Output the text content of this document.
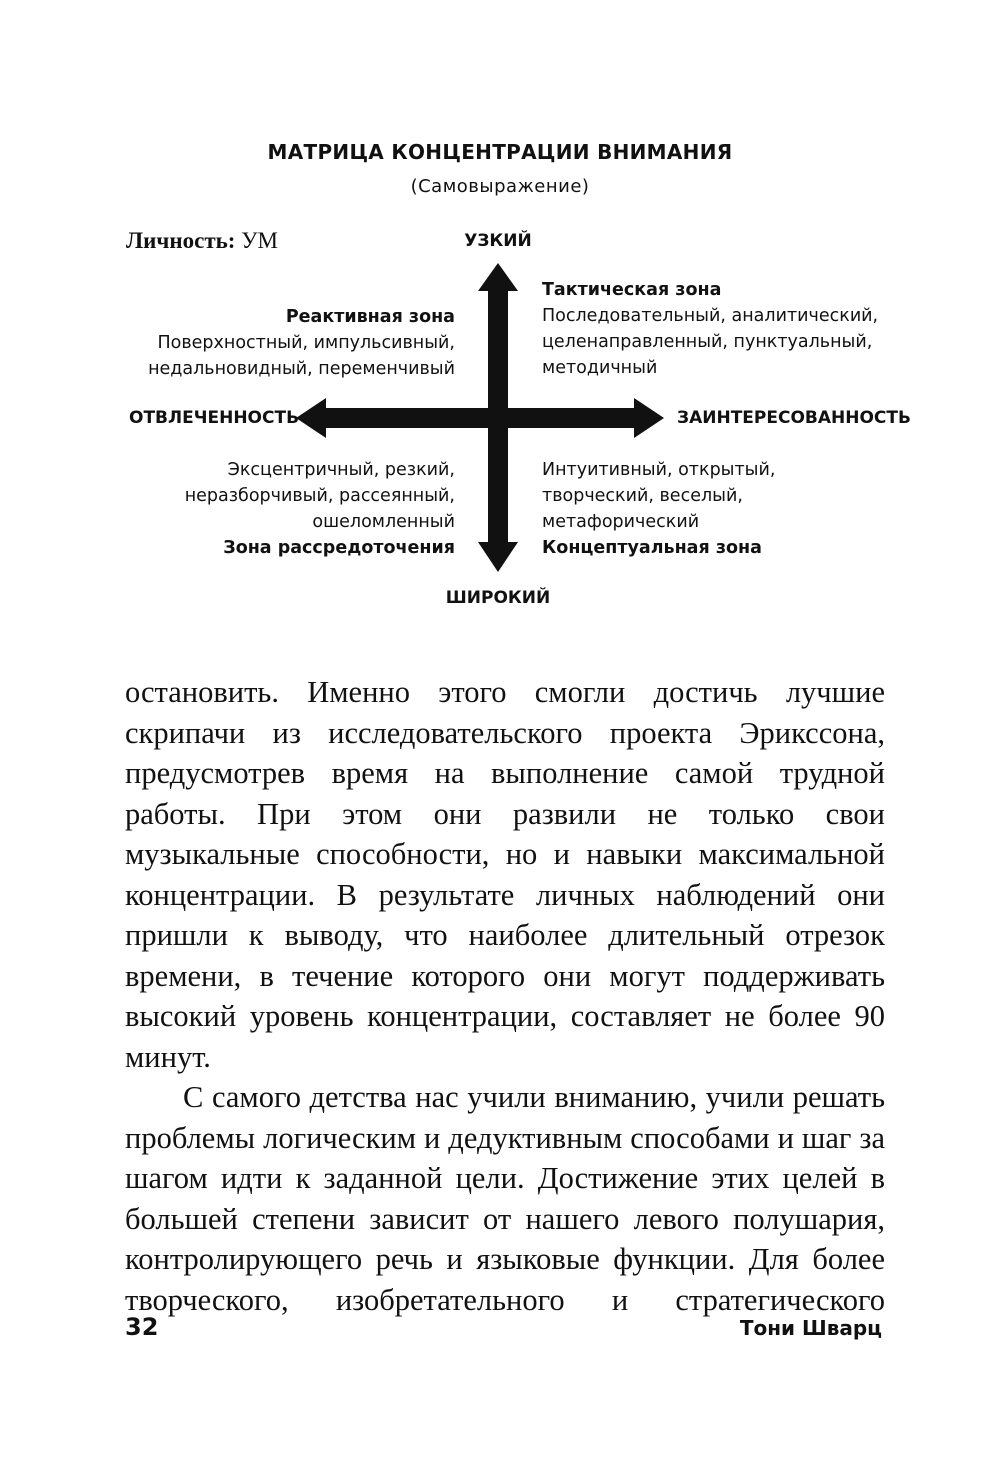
МАТРИЦА КОНЦЕНТРАЦИИ ВНИМАНИЯ
(Самовыражение)
Личность: УМ	УЗКИЙ
ШИРОКИЙ
ОТВЛЕЧЕННОСТЬ	ЗАИНТЕРЕСОВАННОСТЬ
Реактивная зона
Поверхностный, импульсивный,
недальновидный, переменчивый
Тактическая зона
Последовательный, аналитический,
целенаправленный, пунктуальный,
методичный
Эксцентричный, резкий,
неразборчивый, рассеянный,
ошеломленный
Зона рассредоточения
Интуитивный, открытый,
творческий, веселый,
метафорический
Концептуальная зона

остановить. Именно этого смогли достичь лучшие скрипачи из исследовательского проекта Эрикссона, предусмотрев время на выполнение самой трудной работы. При этом они развили не только свои музыкальные способности, но и навыки максимальной концентрации. В результате личных наблюдений они пришли к выводу, что наиболее длительный отрезок времени, в течение которого они могут поддерживать высокий уровень концентрации, составляет не более 90 минут.

С самого детства нас учили вниманию, учили решать проблемы логическим и дедуктивным способами и шаг за шагом идти к заданной цели. Достижение этих целей в большей степени зависит от нашего левого полушария, контролирующего речь и языковые функции. Для более творческого, изобретательного и стратегического

32	Тони Шварц
